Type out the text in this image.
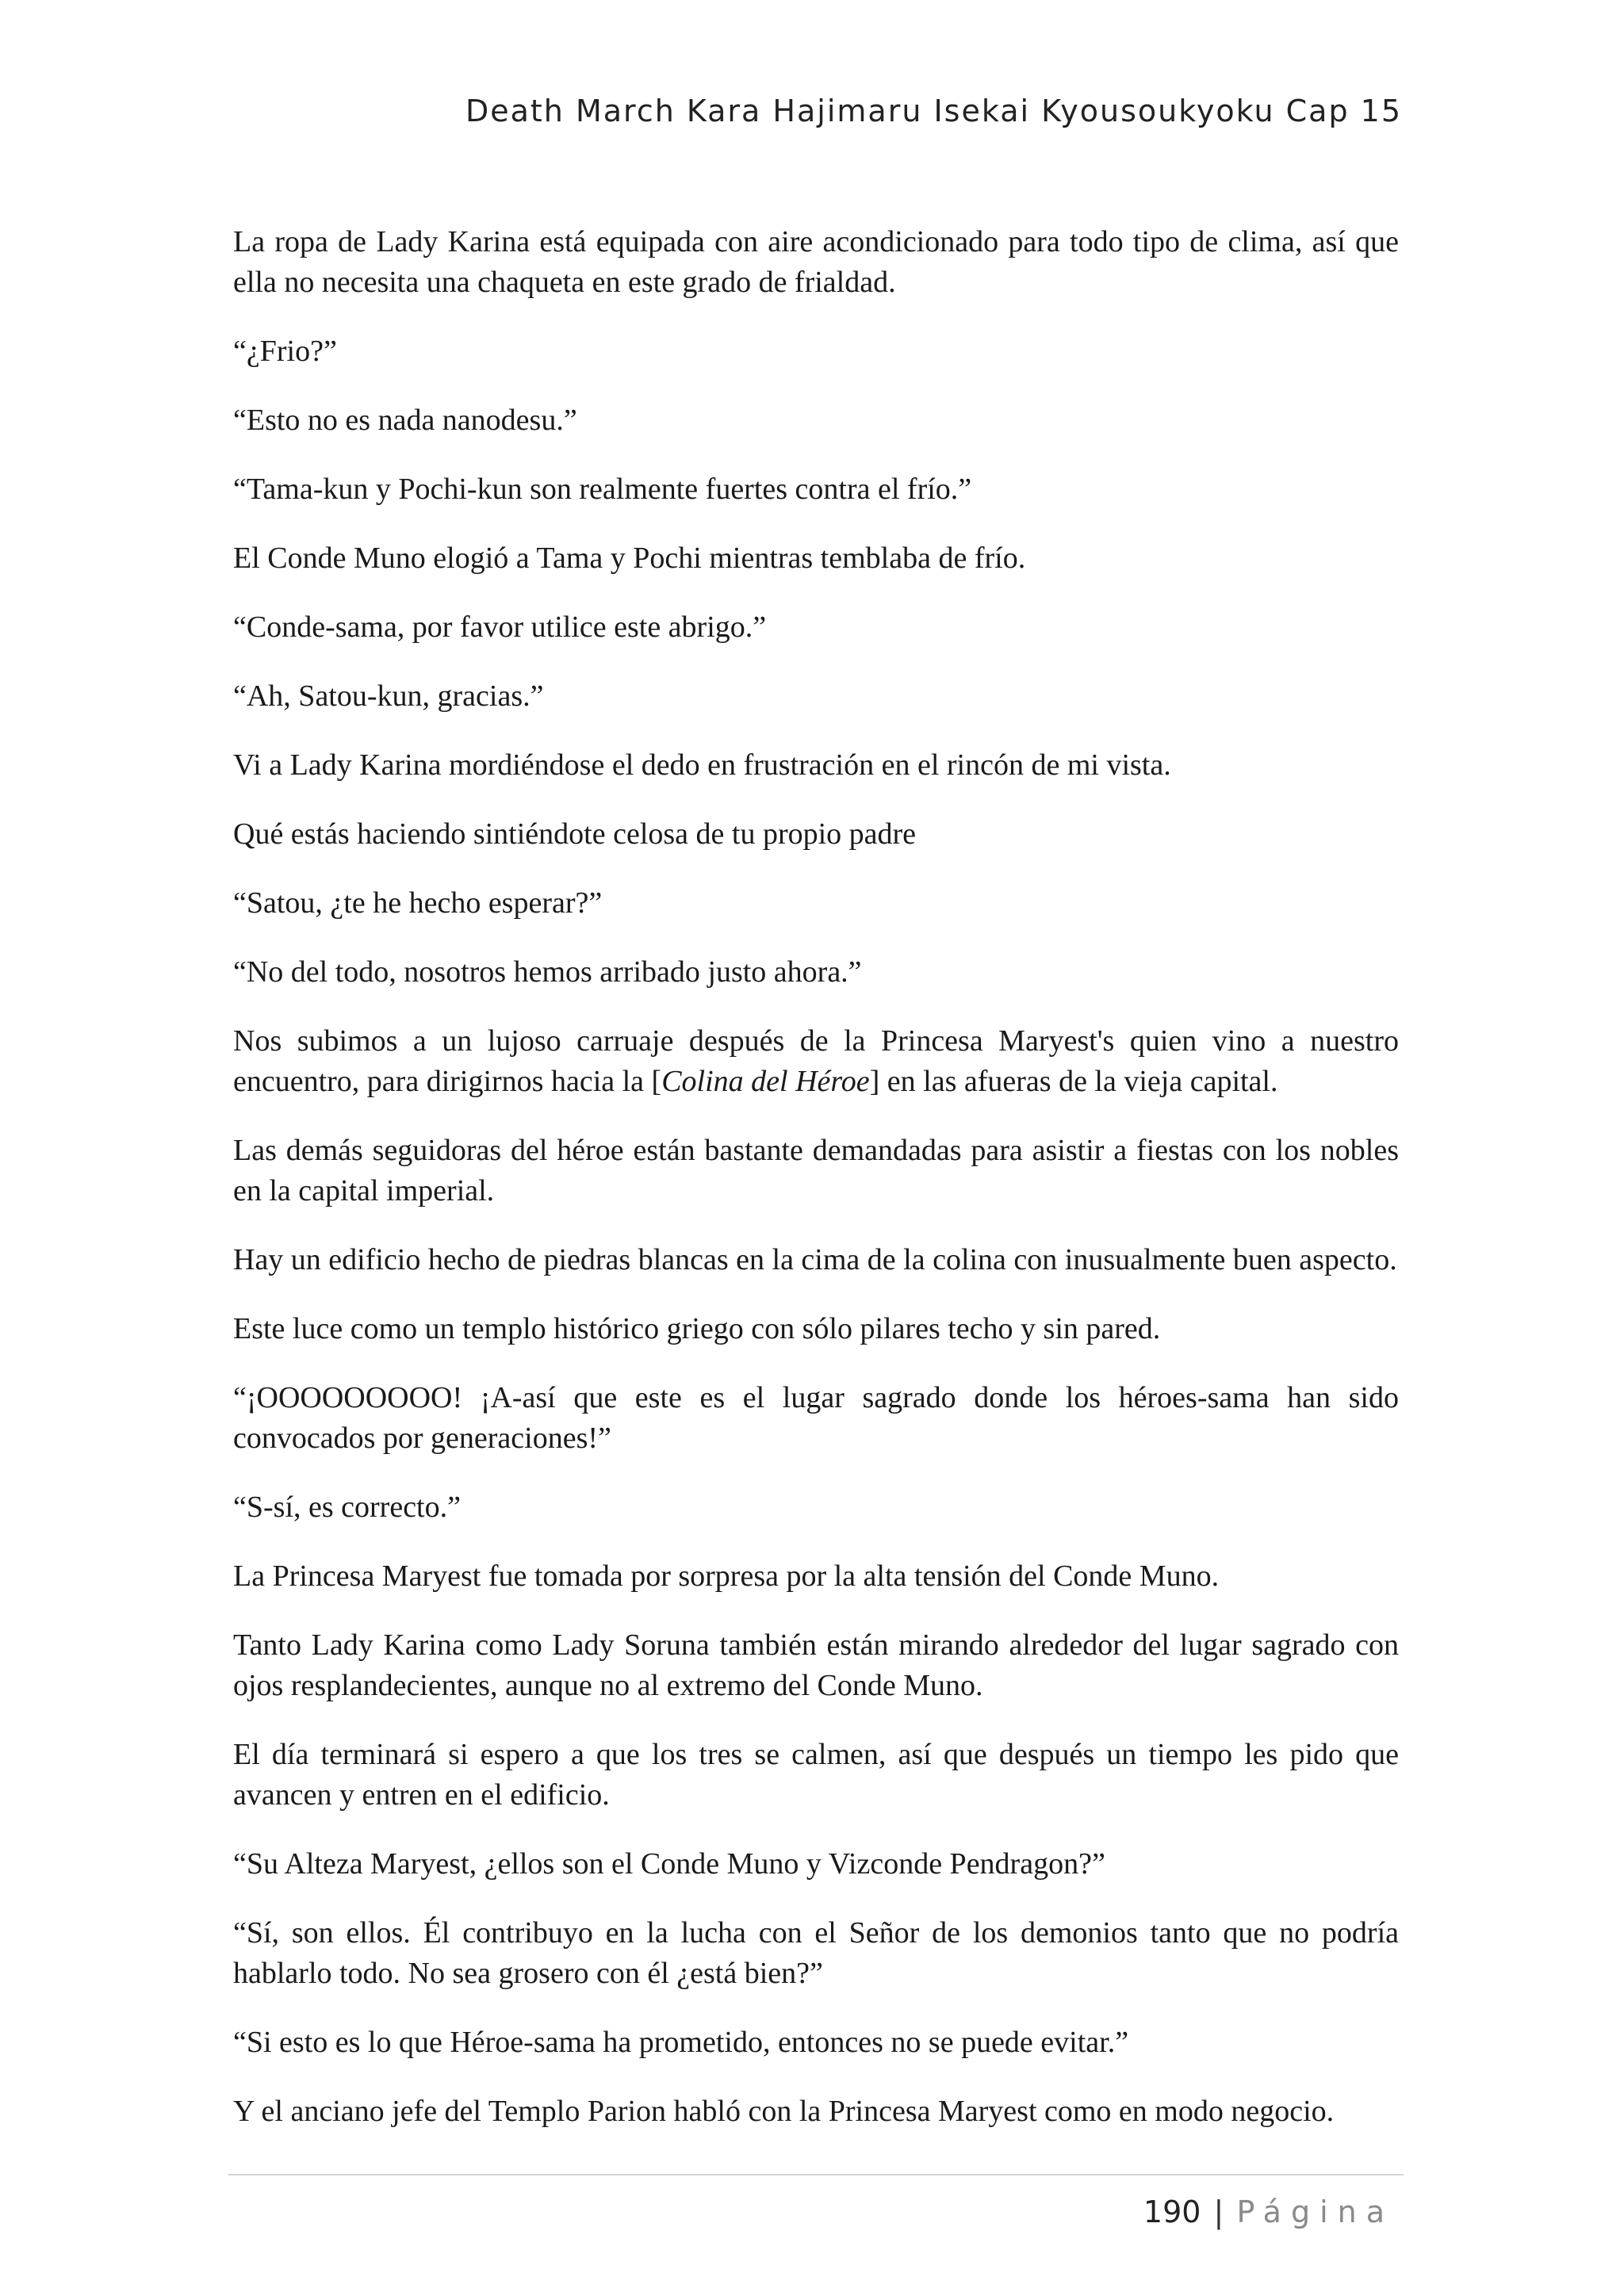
Death March Kara Hajimaru Isekai Kyousoukyoku Cap 15

La ropa de Lady Karina está equipada con aire acondicionado para todo tipo de clima, así que ella no necesita una chaqueta en este grado de frialdad.

“¿Frio?”

“Esto no es nada nanodesu.”

“Tama-kun y Pochi-kun son realmente fuertes contra el frío.”

El Conde Muno elogió a Tama y Pochi mientras temblaba de frío.

“Conde-sama, por favor utilice este abrigo.”

“Ah, Satou-kun, gracias.”

Vi a Lady Karina mordiéndose el dedo en frustración en el rincón de mi vista.

Qué estás haciendo sintiéndote celosa de tu propio padre

“Satou, ¿te he hecho esperar?”

“No del todo, nosotros hemos arribado justo ahora.”

Nos subimos a un lujoso carruaje después de la Princesa Maryest's quien vino a nuestro encuentro, para dirigirnos hacia la [Colina del Héroe] en las afueras de la vieja capital.

Las demás seguidoras del héroe están bastante demandadas para asistir a fiestas con los nobles en la capital imperial.

Hay un edificio hecho de piedras blancas en la cima de la colina con inusualmente buen aspecto.

Este luce como un templo histórico griego con sólo pilares techo y sin pared.

“¡OOOOOOOOO! ¡A-así que este es el lugar sagrado donde los héroes-sama han sido convocados por generaciones!”

“S-sí, es correcto.”

La Princesa Maryest fue tomada por sorpresa por la alta tensión del Conde Muno.

Tanto Lady Karina como Lady Soruna también están mirando alrededor del lugar sagrado con ojos resplandecientes, aunque no al extremo del Conde Muno.

El día terminará si espero a que los tres se calmen, así que después un tiempo les pido que avancen y entren en el edificio.

“Su Alteza Maryest, ¿ellos son el Conde Muno y Vizconde Pendragon?”

“Sí, son ellos. Él contribuyo en la lucha con el Señor de los demonios tanto que no podría hablarlo todo. No sea grosero con él ¿está bien?”

“Si esto es lo que Héroe-sama ha prometido, entonces no se puede evitar.”

Y el anciano jefe del Templo Parion habló con la Princesa Maryest como en modo negocio.

190 | Página
